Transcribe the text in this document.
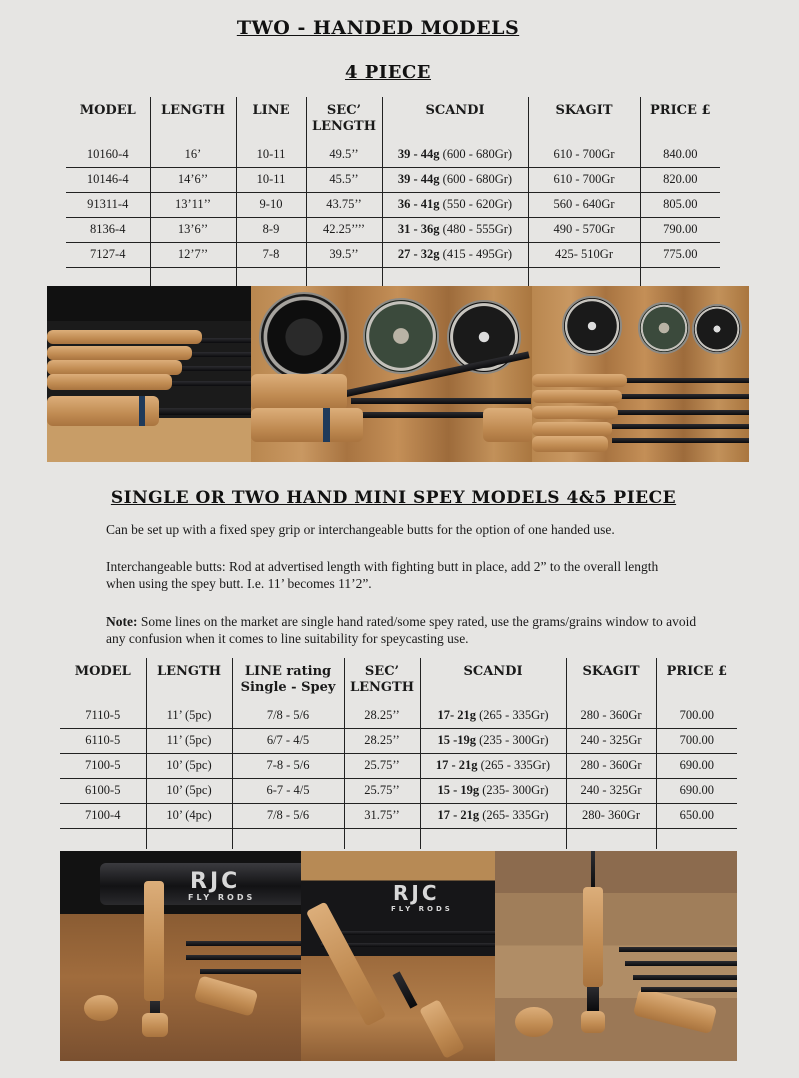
TWO - HANDED MODELS
4 PIECE
MODEL	LENGTH	LINE	SEC’ LENGTH	SCANDI	SKAGIT	PRICE £
10160-4	16’	10-11	49.5’’	39 - 44g (600 - 680Gr)	610 - 700Gr	840.00
10146-4	14’6’’	10-11	45.5’’	39 - 44g (600 - 680Gr)	610 - 700Gr	820.00
91311-4	13’11’’	9-10	43.75’’	36 - 41g (550 - 620Gr)	560 - 640Gr	805.00
8136-4	13’6’’	8-9	42.25’’’’	31 - 36g (480 - 555Gr)	490 - 570Gr	790.00
7127-4	12’7’’	7-8	39.5’’	27 - 32g (415 - 495Gr)	425- 510Gr	775.00

SINGLE OR TWO HAND MINI SPEY MODELS 4&5 PIECE
Can be set up with a fixed spey grip or interchangeable butts for the option of one handed use.
Interchangeable butts: Rod at advertised length with fighting butt in place, add 2” to the overall length when using the spey butt. I.e. 11’ becomes 11’2”.
Note: Some lines on the market are single hand rated/some spey rated, use the grams/grains window to avoid any confusion when it comes to line suitability for speycasting use.
MODEL	LENGTH	LINE rating Single - Spey	SEC’ LENGTH	SCANDI	SKAGIT	PRICE £
7110-5	11’ (5pc)	7/8 - 5/6	28.25’’	17- 21g (265 - 335Gr)	280 - 360Gr	700.00
6110-5	11’ (5pc)	6/7 - 4/5	28.25’’	15 -19g (235 - 300Gr)	240 - 325Gr	700.00
7100-5	10’ (5pc)	7-8 - 5/6	25.75’’	17 - 21g (265 - 335Gr)	280 - 360Gr	690.00
6100-5	10’ (5pc)	6-7 - 4/5	25.75’’	15 - 19g (235- 300Gr)	240 - 325Gr	690.00
7100-4	10’ (4pc)	7/8 - 5/6	31.75’’	17 - 21g (265- 335Gr)	280- 360Gr	650.00

RJC
FLY RODS	RJC
FLY RODS
